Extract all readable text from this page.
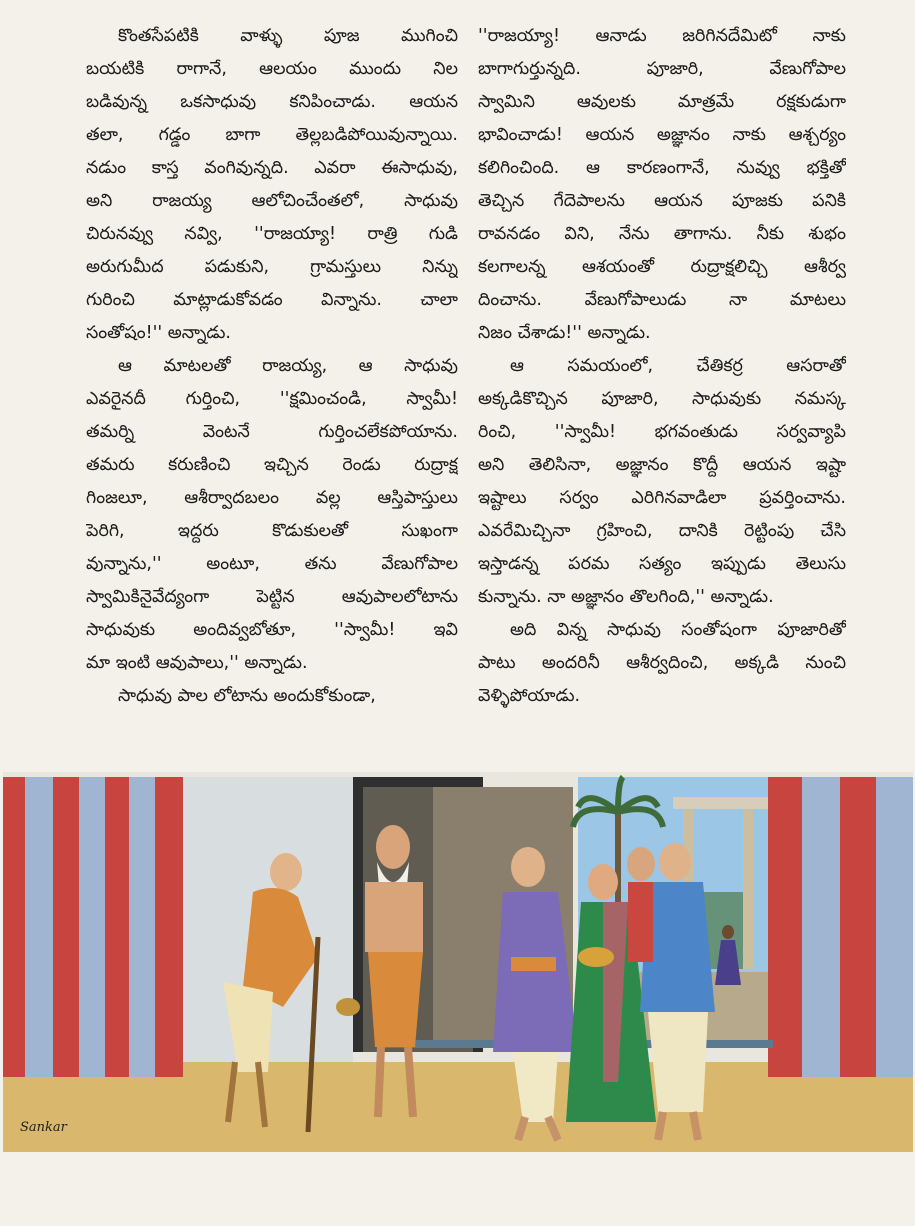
కొంతసేపటికి వాళ్ళు పూజ ముగించి
బయటికి రాగానే, ఆలయం ముందు నిల
బడివున్న ఒకసాధువు కనిపించాడు. ఆయన
తలా, గడ్డం బాగా తెల్లబడిపోయివున్నాయి.
నడుం కాస్త వంగివున్నది. ఎవరా ఈసాధువు,
అని రాజయ్య ఆలోచించేంతలో, సాధువు
చిరునవ్వు నవ్వి, ''రాజయ్యా! రాత్రి గుడి
అరుగుమీద పడుకుని, గ్రామస్తులు నిన్ను
గురించి మాట్లాడుకోవడం విన్నాను. చాలా
సంతోషం!'' అన్నాడు.
ఆ మాటలతో రాజయ్య, ఆ సాధువు
ఎవరైనదీ గుర్తించి, ''క్షమించండి, స్వామీ!
తమర్ని వెంటనే గుర్తించలేకపోయాను.
తమరు కరుణించి ఇచ్చిన రెండు రుద్రాక్ష
గింజలూ, ఆశీర్వాదబలం వల్ల ఆస్తిపాస్తులు
పెరిగి, ఇద్దరు కొడుకులతో సుఖంగా
వున్నాను,'' అంటూ, తను వేణుగోపాల
స్వామికినైవేద్యంగా పెట్టిన ఆవుపాలలోటాను
సాధువుకు అందివ్వబోతూ, ''స్వామీ! ఇవి
మా ఇంటి ఆవుపాలు,'' అన్నాడు.
సాధువు పాల లోటాను అందుకోకుండా,
''రాజయ్యా! ఆనాడు జరిగినదేమిటో నాకు
బాగాగుర్తున్నది. పూజారి, వేణుగోపాల
స్వామిని ఆవులకు మాత్రమే రక్షకుడుగా
భావించాడు! ఆయన అజ్ఞానం నాకు ఆశ్చర్యం
కలిగించింది. ఆ కారణంగానే, నువ్వు భక్తితో
తెచ్చిన గేదెపాలను ఆయన పూజకు పనికి
రావనడం విని, నేను తాగాను. నీకు శుభం
కలగాలన్న ఆశయంతో రుద్రాక్షలిచ్చి ఆశీర్వ
దించాను. వేణుగోపాలుడు నా మాటలు
నిజం చేశాడు!'' అన్నాడు.
ఆ సమయంలో, చేతికర్ర ఆసరాతో
అక్కడికొచ్చిన పూజారి, సాధువుకు నమస్క
రించి, ''స్వామీ! భగవంతుడు సర్వవ్యాపి
అని తెలిసినా, అజ్ఞానం కొద్దీ ఆయన ఇష్టా
ఇష్టాలు సర్వం ఎరిగినవాడిలా ప్రవర్తించాను.
ఎవరేమిచ్చినా గ్రహించి, దానికి రెట్టింపు చేసి
ఇస్తాడన్న పరమ సత్యం ఇప్పుడు తెలుసు
కున్నాను. నా అజ్ఞానం తొలగింది,'' అన్నాడు.
అది విన్న సాధువు సంతోషంగా పూజారితో
పాటు అందరినీ ఆశీర్వదించి, అక్కడి నుంచి
వెళ్ళిపోయాడు.
Sankar
